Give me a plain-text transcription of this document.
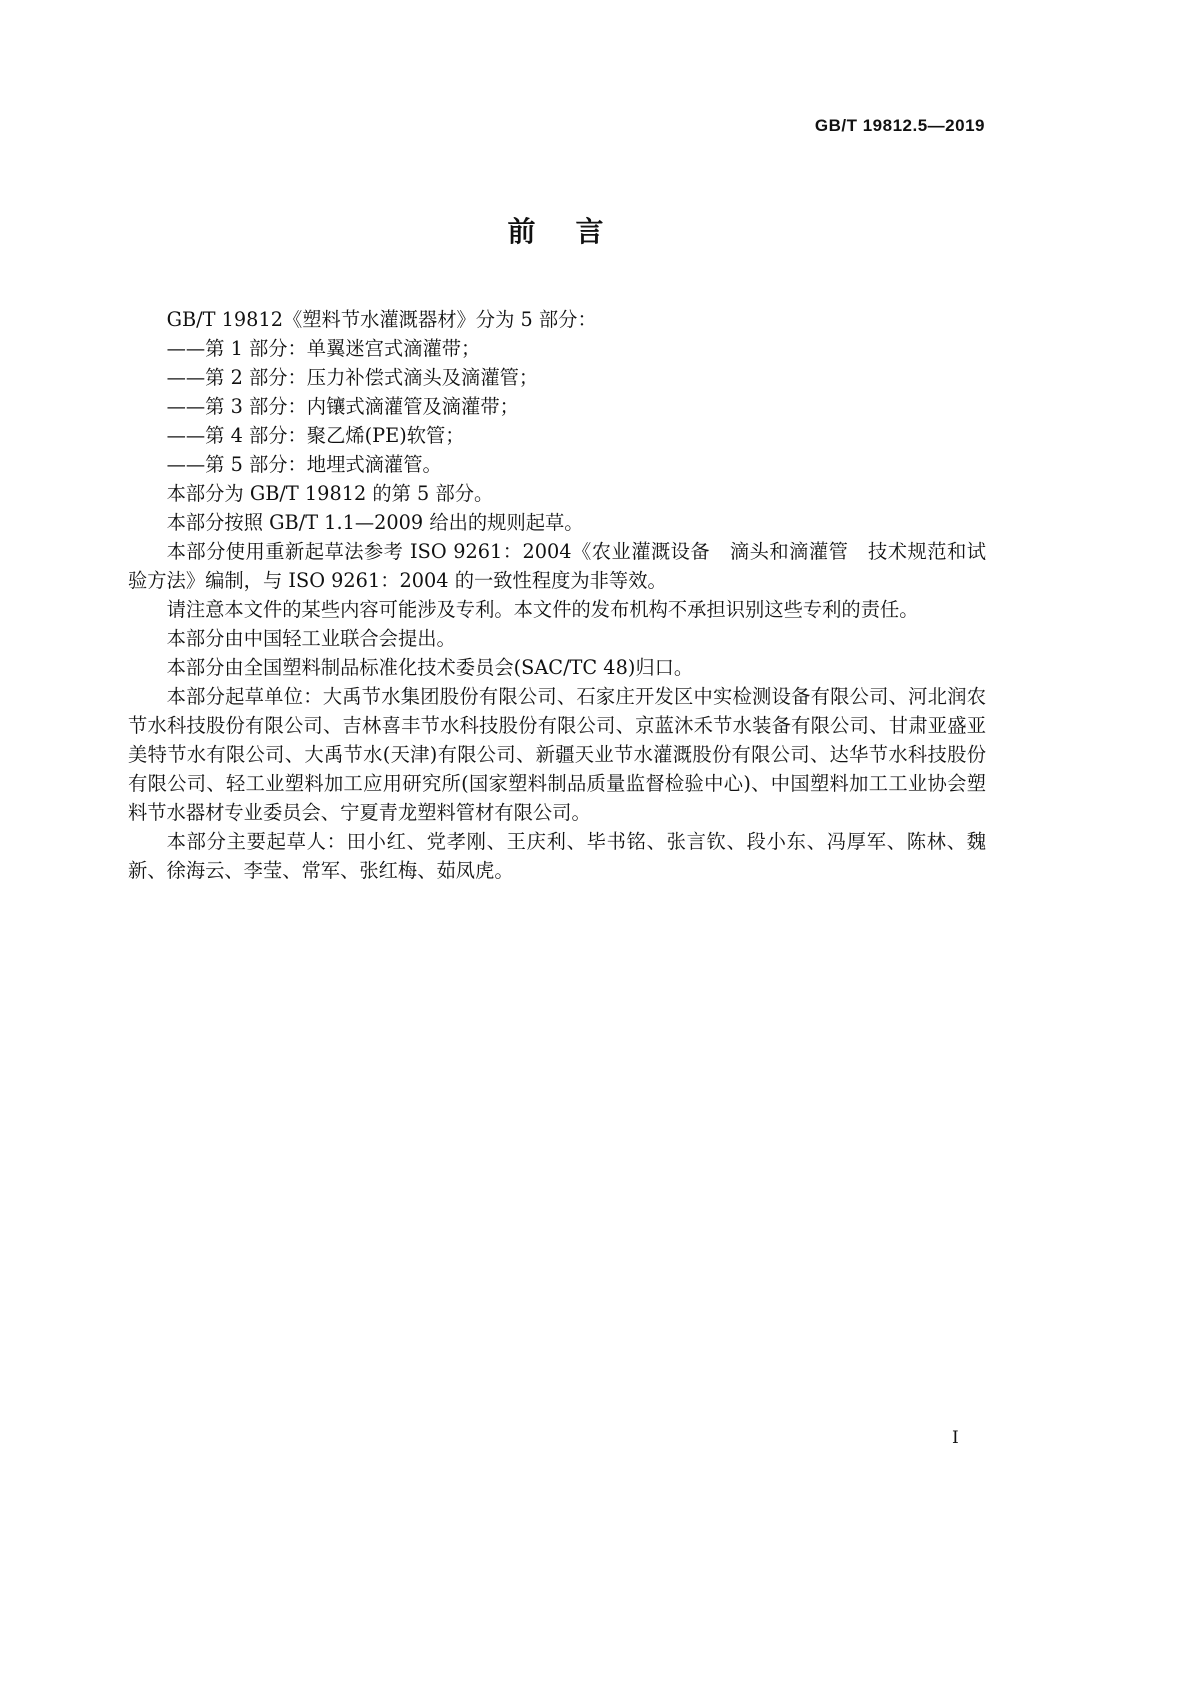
GB/T 19812.5—2019
前言

GB/T 19812《塑料节水灌溉器材》分为 5 部分：

——第 1 部分：单翼迷宫式滴灌带；

——第 2 部分：压力补偿式滴头及滴灌管；

——第 3 部分：内镶式滴灌管及滴灌带；

——第 4 部分：聚乙烯(PE)软管；

——第 5 部分：地埋式滴灌管。

本部分为 GB/T 19812 的第 5 部分。

本部分按照 GB/T 1.1—2009 给出的规则起草。

本部分使用重新起草法参考 ISO 9261：2004《农业灌溉设备　滴头和滴灌管　技术规范和试验方法》编制，与 ISO 9261：2004 的一致性程度为非等效。

请注意本文件的某些内容可能涉及专利。本文件的发布机构不承担识别这些专利的责任。

本部分由中国轻工业联合会提出。

本部分由全国塑料制品标准化技术委员会(SAC/TC 48)归口。

本部分起草单位：大禹节水集团股份有限公司、石家庄开发区中实检测设备有限公司、河北润农节水科技股份有限公司、吉林喜丰节水科技股份有限公司、京蓝沐禾节水装备有限公司、甘肃亚盛亚美特节水有限公司、大禹节水(天津)有限公司、新疆天业节水灌溉股份有限公司、达华节水科技股份有限公司、轻工业塑料加工应用研究所(国家塑料制品质量监督检验中心)、中国塑料加工工业协会塑料节水器材专业委员会、宁夏青龙塑料管材有限公司。

本部分主要起草人：田小红、党孝刚、王庆利、毕书铭、张言钦、段小东、冯厚军、陈林、魏新、徐海云、李莹、常军、张红梅、茹凤虎。

I
